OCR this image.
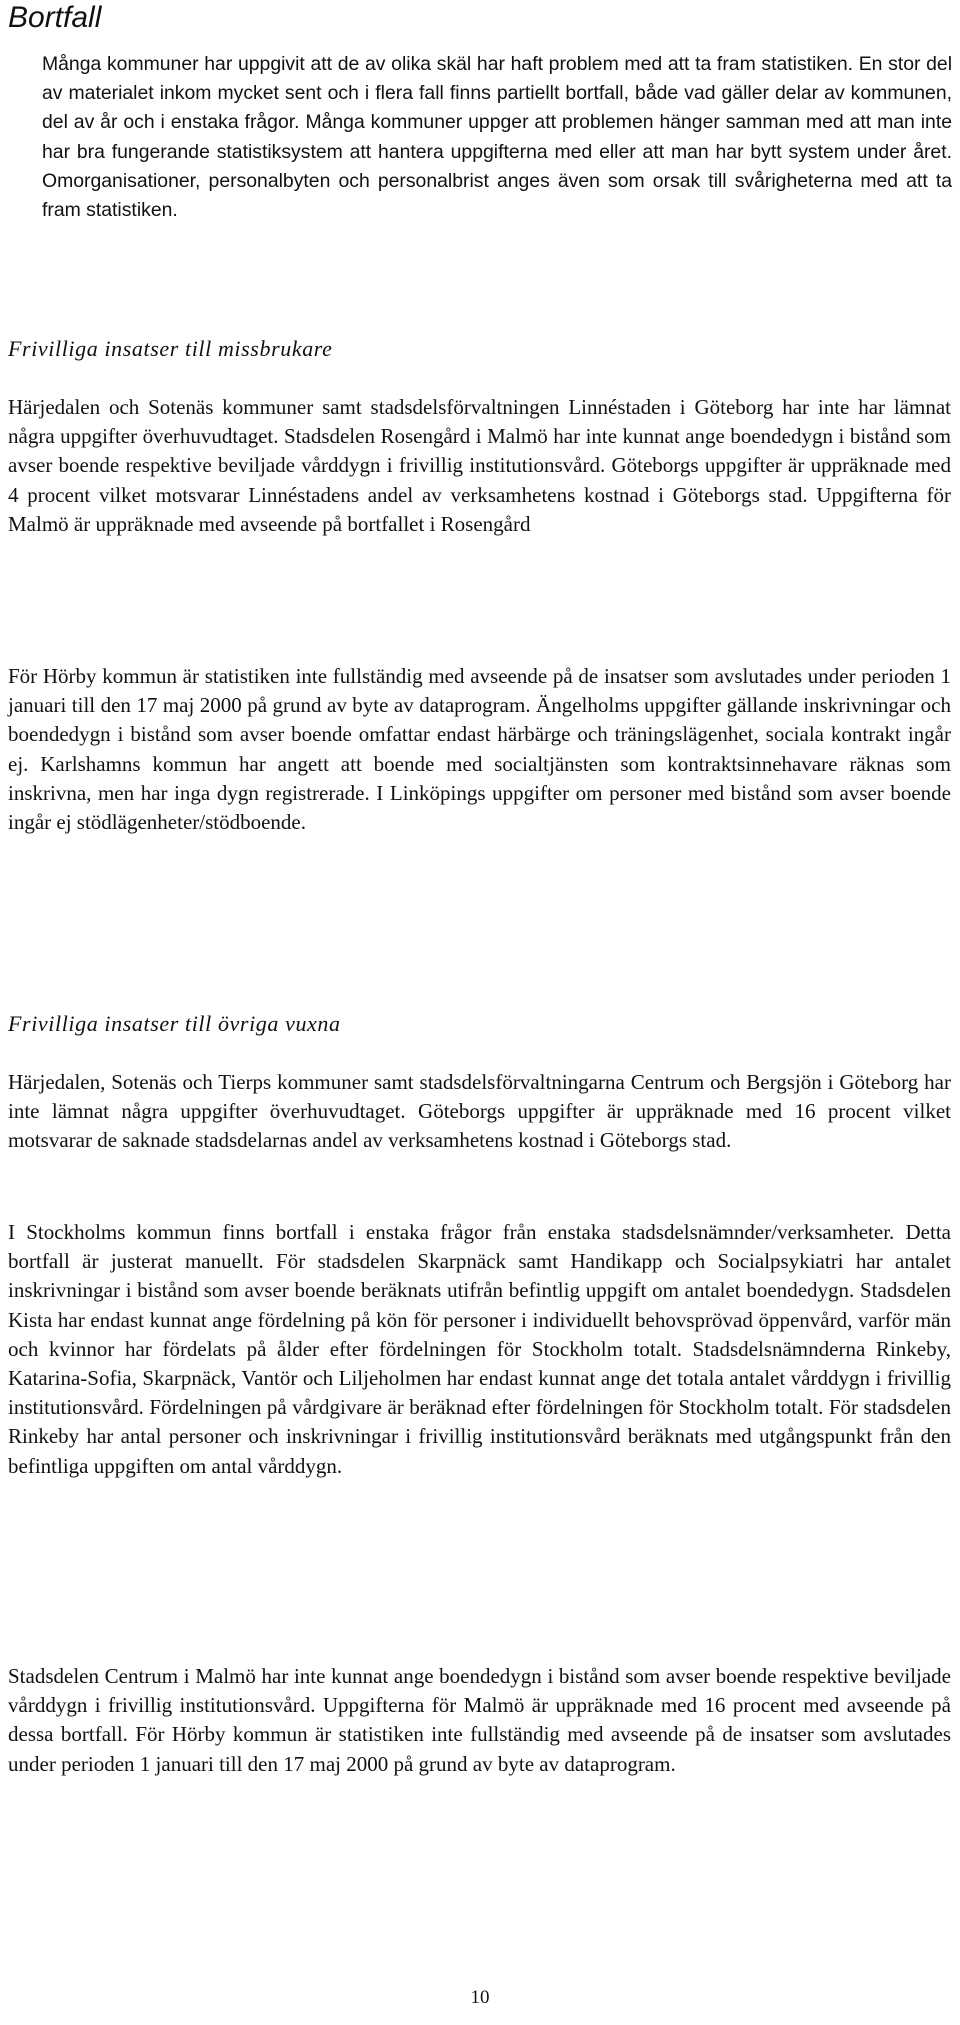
Bortfall

Många kommuner har uppgivit att de av olika skäl har haft problem med att ta fram statistiken. En stor del av materialet inkom mycket sent och i flera fall finns partiellt bortfall, både vad gäller delar av kommunen, del av år och i enstaka frågor. Många kommuner uppger att problemen hänger samman med att man inte har bra fungerande statistiksystem att hantera uppgifterna med eller att man har bytt system under året. Omorganisationer, personalbyten och personalbrist anges även som orsak till svårigheterna med att ta fram statistiken.

Frivilliga insatser till missbrukare

Härjedalen och Sotenäs kommuner samt stadsdelsförvaltningen Linnéstaden i Göteborg har inte har lämnat några uppgifter överhuvudtaget. Stadsdelen Rosengård i Malmö har inte kunnat ange boendedygn i bistånd som avser boende respektive beviljade vårddygn i frivillig institutionsvård. Göteborgs uppgifter är uppräknade med 4 procent vilket motsvarar Linnéstadens andel av verksamhetens kostnad i Göteborgs stad. Uppgifterna för Malmö är uppräknade med avseende på bortfallet i Rosengård

För Hörby kommun är statistiken inte fullständig med avseende på de insatser som avslutades under perioden 1 januari till den 17 maj 2000 på grund av byte av dataprogram. Ängelholms uppgifter gällande inskrivningar och boendedygn i bistånd som avser boende omfattar endast härbärge och träningslägenhet, sociala kontrakt ingår ej. Karlshamns kommun har angett att boende med socialtjänsten som kontraktsinnehavare räknas som inskrivna, men har inga dygn registrerade. I Linköpings uppgifter om personer med bistånd som avser boende ingår ej stödlägenheter/stödboende.

Frivilliga insatser till övriga vuxna

Härjedalen, Sotenäs och Tierps kommuner samt stadsdelsförvaltningarna Centrum och Bergsjön i Göteborg har inte lämnat några uppgifter överhuvudtaget. Göteborgs uppgifter är uppräknade med 16 procent vilket motsvarar de saknade stadsdelarnas andel av verksamhetens kostnad i Göteborgs stad.

I Stockholms kommun finns bortfall i enstaka frågor från enstaka stadsdelsnämnder/verksamheter. Detta bortfall är justerat manuellt. För stadsdelen Skarpnäck samt Handikapp och Socialpsykiatri har antalet inskrivningar i bistånd som avser boende beräknats utifrån befintlig uppgift om antalet boendedygn. Stadsdelen Kista har endast kunnat ange fördelning på kön för personer i individuellt behovsprövad öppenvård, varför män och kvinnor har fördelats på ålder efter fördelningen för Stockholm totalt. Stadsdelsnämnderna Rinkeby, Katarina-Sofia, Skarpnäck, Vantör och Liljeholmen har endast kunnat ange det totala antalet vårddygn i frivillig institutionsvård. Fördelningen på vårdgivare är beräknad efter fördelningen för Stockholm totalt. För stadsdelen Rinkeby har antal personer och inskrivningar i frivillig institutionsvård beräknats med utgångspunkt från den befintliga uppgiften om antal vårddygn.

Stadsdelen Centrum i Malmö har inte kunnat ange boendedygn i bistånd som avser boende respektive beviljade vårddygn i frivillig institutionsvård. Uppgifterna för Malmö är uppräknade med 16 procent med avseende på dessa bortfall. För Hörby kommun är statistiken inte fullständig med avseende på de insatser som avslutades under perioden 1 januari till den 17 maj 2000 på grund av byte av dataprogram.

10
